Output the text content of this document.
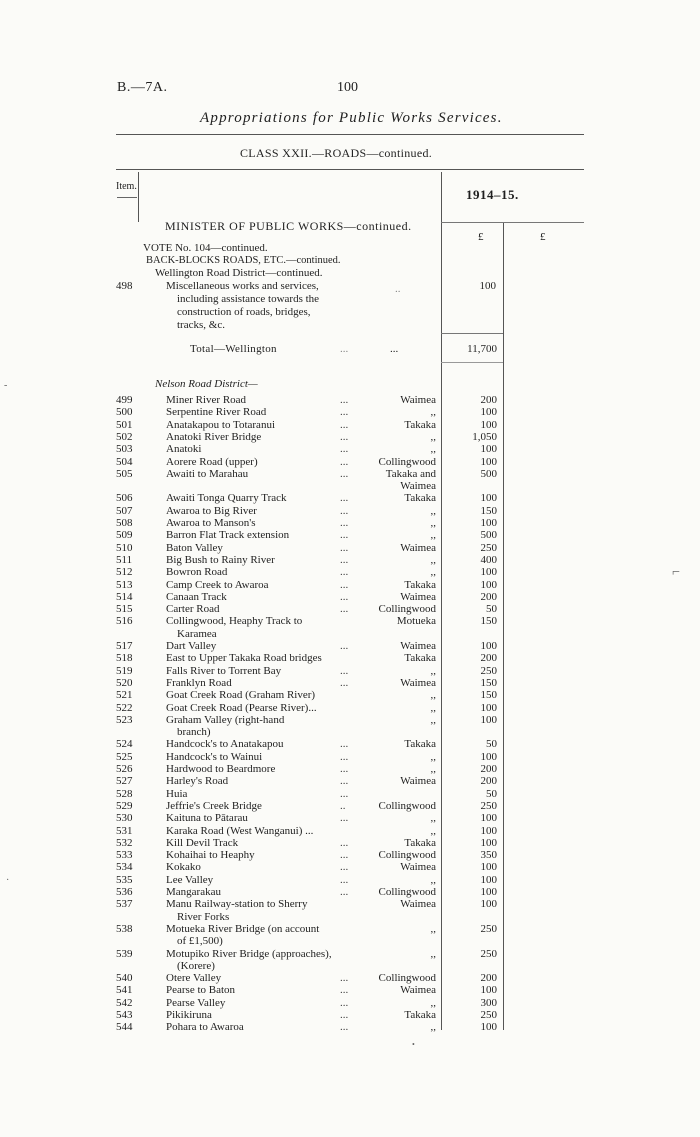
B.—7A.	100
Appropriations for Public Works Services.
CLASS XXII.—ROADS—continued.
Item.
1914–15.
MINISTER OF PUBLIC WORKS—continued.
£	£
VOTE No. 104—continued.
BACK-BLOCKS ROADS, ETC.—continued.
Wellington Road District—continued.
498	Miscellaneous works and services,
including assistance towards the
construction of roads, bridges,
tracks, &c.
..	100
Total—Wellington	...	...	11,700
Nelson Road District—
499	Miner River Road	...	Waimea	200
500	Serpentine River Road	...	,,	100
501	Anatakapou to Totaranui	...	Takaka	100
502	Anatoki River Bridge	...	,,	1,050
503	Anatoki	...	,,	100
504	Aorere Road (upper)	...	Collingwood	100
505	Awaiti to Marahau	...	Takaka and	500
Waimea
506	Awaiti Tonga Quarry Track	...	Takaka	100
507	Awaroa to Big River	...	,,	150
508	Awaroa to Manson's	...	,,	100
509	Barron Flat Track extension	...	,,	500
510	Baton Valley	...	Waimea	250
511	Big Bush to Rainy River	...	,,	400
512	Bowron Road	...	,,	100
513	Camp Creek to Awaroa	...	Takaka	100
514	Canaan Track	...	Waimea	200
515	Carter Road	...	Collingwood	50
516	Collingwood, Heaphy Track to	Motueka	150
Karamea
517	Dart Valley	...	Waimea	100
518	East to Upper Takaka Road bridges	Takaka	200
519	Falls River to Torrent Bay	...	,,	250
520	Franklyn Road	...	Waimea	150
521	Goat Creek Road (Graham River)	,,	150
522	Goat Creek Road (Pearse River)...	,,	100
523	Graham Valley (right-hand	,,	100
branch)
524	Handcock's to Anatakapou	...	Takaka	50
525	Handcock's to Wainui	...	,,	100
526	Hardwood to Beardmore	...	,,	200
527	Harley's Road	...	Waimea	200
528	Huia	...	50
529	Jeffrie's Creek Bridge	..	Collingwood	250
530	Kaituna to Pātarau	...	,,	100
531	Karaka Road (West Wanganui) ...	,,	100
532	Kill Devil Track	...	Takaka	100
533	Kohaihai to Heaphy	...	Collingwood	350
534	Kokako	...	Waimea	100
535	Lee Valley	...	,,	100
536	Mangarakau	...	Collingwood	100
537	Manu Railway-station to Sherry	Waimea	100
River Forks
538	Motueka River Bridge (on account	,,	250
of £1,500)
539	Motupiko River Bridge (approaches),	,,	250
(Korere)
540	Otere Valley	...	Collingwood	200
541	Pearse to Baton	...	Waimea	100
542	Pearse Valley	...	,,	300
543	Pikikiruna	...	Takaka	250
544	Pohara to Awaroa	...	,,	100
-
·
⌐
•
